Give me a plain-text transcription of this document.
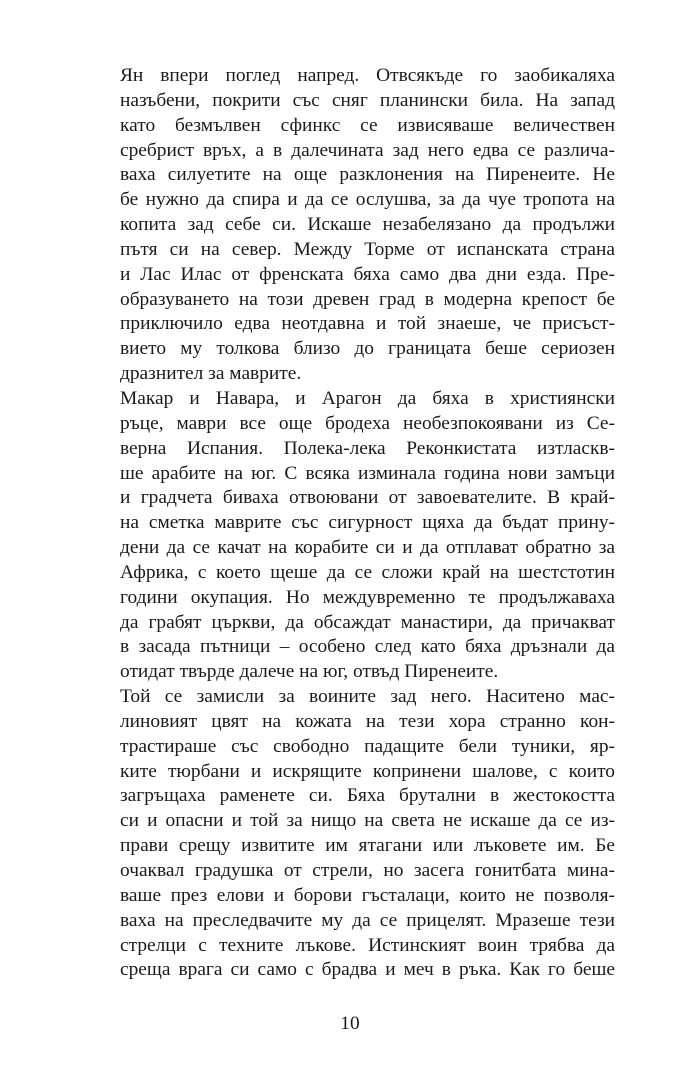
Ян впери поглед напред. Отвсякъде го заобикаляха
назъбени, покрити със сняг планински била. На запад
като безмълвен сфинкс се извисяваше величествен
сребрист връх, а в далечината зад него едва се различа-
ваха силуетите на още разклонения на Пиренеите. Не
бе нужно да спира и да се ослушва, за да чуе тропота на
копита зад себе си. Искаше незабелязано да продължи
пътя си на север. Между Торме от испанската страна
и Лас Илас от френската бяха само два дни езда. Пре-
образуването на този древен град в модерна крепост бе
приключило едва неотдавна и той знаеше, че присъст-
вието му толкова близо до границата беше сериозен
дразнител за маврите.
Макар и Навара, и Арагон да бяха в християнски
ръце, маври все още бродеха необезпокоявани из Се-
верна Испания. Полека-лека Реконкистата изтласкв-
ше арабите на юг. С всяка изминала година нови замъци
и градчета биваха отвоювани от завоевателите. В край-
на сметка маврите със сигурност щяха да бъдат прину-
дени да се качат на корабите си и да отплават обратно за
Африка, с което щеше да се сложи край на шестстотин
години окупация. Но междувременно те продължаваха
да грабят църкви, да обсаждат манастири, да причакват
в засада пътници – особено след като бяха дръзнали да
отидат твърде далече на юг, отвъд Пиренеите.
Той се замисли за воините зад него. Наситено мас-
линовият цвят на кожата на тези хора странно кон-
трастираше със свободно падащите бели туники, яр-
ките тюрбани и искрящите копринени шалове, с които
загръщаха раменете си. Бяха брутални в жестокостта
си и опасни и той за нищо на света не искаше да се из-
прави срещу извитите им ятагани или лъковете им. Бе
очаквал градушка от стрели, но засега гонитбата мина-
ваше през елови и борови гъсталаци, които не позволя-
ваха на преследвачите му да се прицелят. Мразеше тези
стрелци с техните лъкове. Истинският воин трябва да
среща врага си само с брадва и меч в ръка. Как го беше
10
